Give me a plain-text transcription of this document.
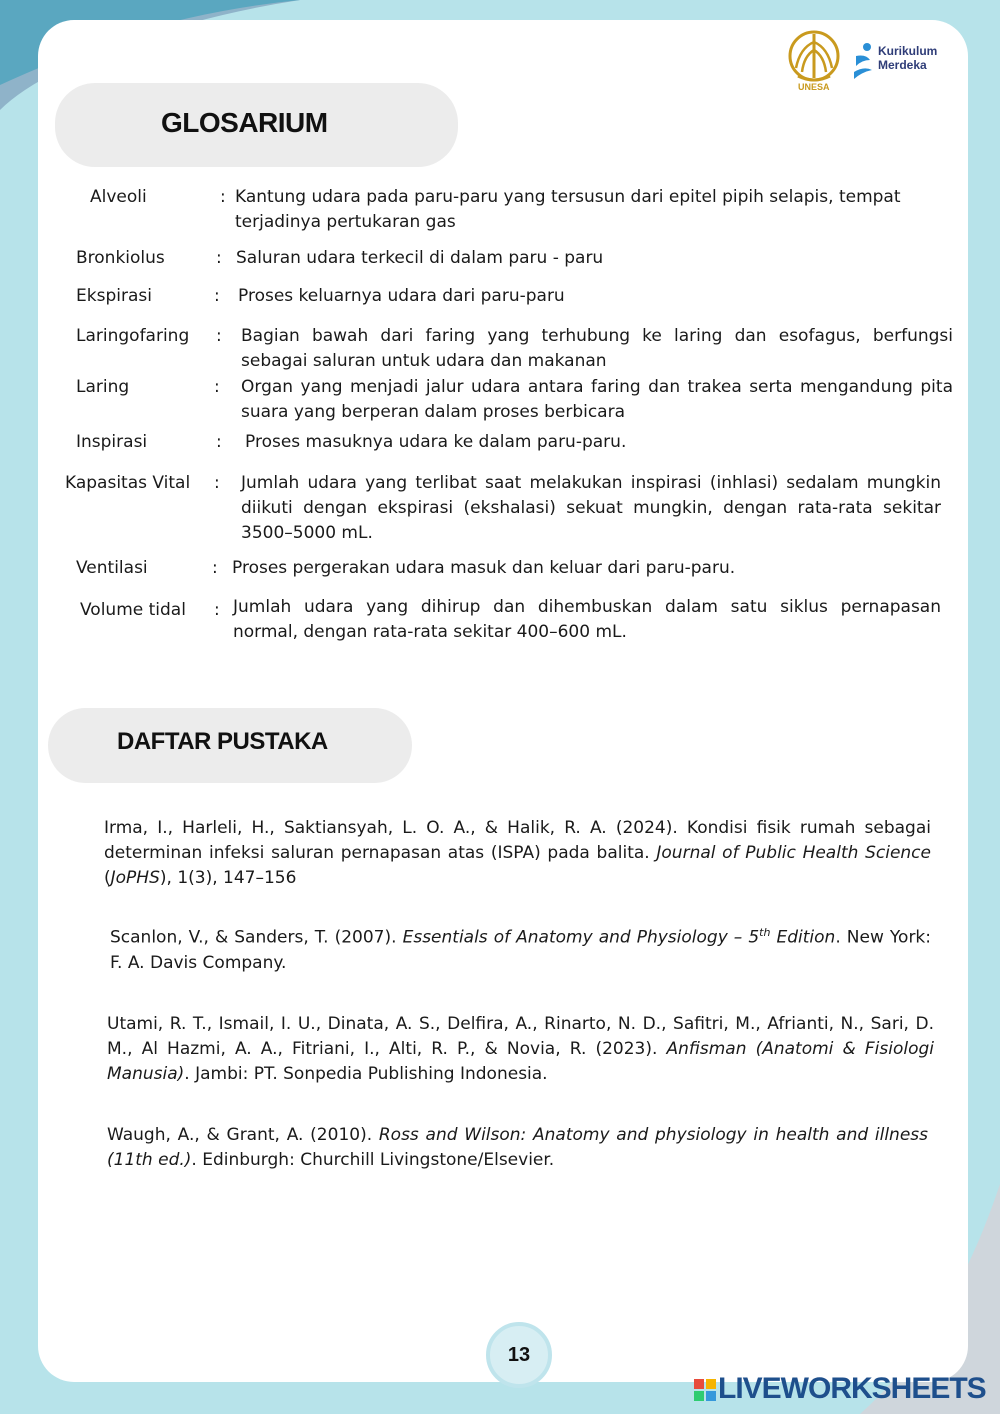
UNESA
Kurikulum
Merdeka
GLOSARIUM
Alveoli	: Kantung udara pada paru-paru yang tersusun dari epitel pipih selapis, tempat terjadinya pertukaran gas
Bronkiolus	: Saluran udara terkecil di dalam paru - paru
Ekspirasi	: Proses keluarnya udara dari paru-paru
Laringofaring : Bagian bawah dari faring yang terhubung ke laring dan esofagus, berfungsi sebagai saluran untuk udara dan makanan
Laring	: Organ yang menjadi jalur udara antara faring dan trakea serta mengandung pita suara yang berperan dalam proses berbicara
Inspirasi	: Proses masuknya udara ke dalam paru-paru.
Kapasitas Vital : Jumlah udara yang terlibat saat melakukan inspirasi (inhlasi) sedalam mungkin diikuti dengan ekspirasi (ekshalasi) sekuat mungkin, dengan rata-rata sekitar 3500–5000 mL.
Ventilasi	: Proses pergerakan udara masuk dan keluar dari paru-paru.
Volume tidal : Jumlah udara yang dihirup dan dihembuskan dalam satu siklus pernapasan normal, dengan rata-rata sekitar 400–600 mL.
DAFTAR PUSTAKA
Irma, I., Harleli, H., Saktiansyah, L. O. A., & Halik, R. A. (2024). Kondisi fisik rumah sebagai determinan infeksi saluran pernapasan atas (ISPA) pada balita. Journal of Public Health Science (JoPHS), 1(3), 147–156
Scanlon, V., & Sanders, T. (2007). Essentials of Anatomy and Physiology – 5th Edition. New York: F. A. Davis Company.
Utami, R. T., Ismail, I. U., Dinata, A. S., Delfira, A., Rinarto, N. D., Safitri, M., Afrianti, N., Sari, D. M., Al Hazmi, A. A., Fitriani, I., Alti, R. P., & Novia, R. (2023). Anfisman (Anatomi & Fisiologi Manusia). Jambi: PT. Sonpedia Publishing Indonesia.
Waugh, A., & Grant, A. (2010). Ross and Wilson: Anatomy and physiology in health and illness (11th ed.). Edinburgh: Churchill Livingstone/Elsevier.
13
LIVEWORKSHEETS
